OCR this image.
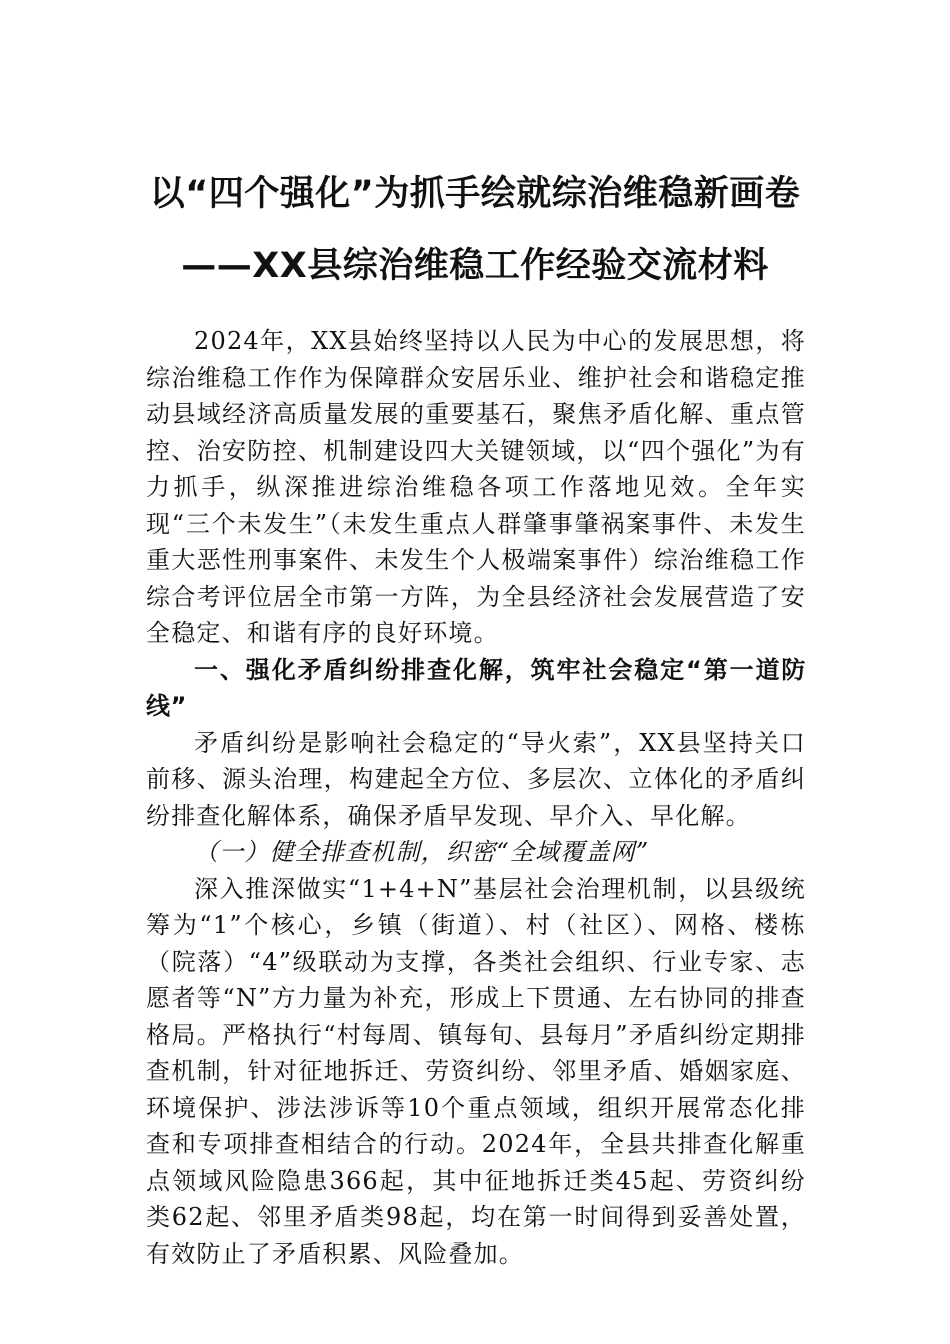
以“四个强化”为抓手绘就综治维稳新画卷——XX县综治维稳工作经验交流材料

2024年，XX县始终坚持以人民为中心的发展思想，将综治维稳工作作为保障群众安居乐业、维护社会和谐稳定推动县域经济高质量发展的重要基石，聚焦矛盾化解、重点管控、治安防控、机制建设四大关键领域，以“四个强化”为有力抓手，纵深推进综治维稳各项工作落地见效。全年实现“三个未发生”（未发生重点人群肇事肇祸案事件、未发生重大恶性刑事案件、未发生个人极端案事件）综治维稳工作综合考评位居全市第一方阵，为全县经济社会发展营造了安全稳定、和谐有序的良好环境。

一、强化矛盾纠纷排查化解，筑牢社会稳定“第一道防线”

矛盾纠纷是影响社会稳定的“导火索”，XX县坚持关口前移、源头治理，构建起全方位、多层次、立体化的矛盾纠纷排查化解体系，确保矛盾早发现、早介入、早化解。

（一）健全排查机制，织密“全域覆盖网”

深入推深做实“1+4+N”基层社会治理机制，以县级统筹为“1”个核心，乡镇（街道）、村（社区）、网格、楼栋（院落）“4”级联动为支撑，各类社会组织、行业专家、志愿者等“N”方力量为补充，形成上下贯通、左右协同的排查格局。严格执行“村每周、镇每旬、县每月”矛盾纠纷定期排查机制，针对征地拆迁、劳资纠纷、邻里矛盾、婚姻家庭、环境保护、涉法涉诉等10个重点领域，组织开展常态化排查和专项排查相结合的行动。2024年，全县共排查化解重点领域风险隐患366起，其中征地拆迁类45起、劳资纠纷类62起、邻里矛盾类98起，均在第一时间得到妥善处置，有效防止了矛盾积累、风险叠加。
